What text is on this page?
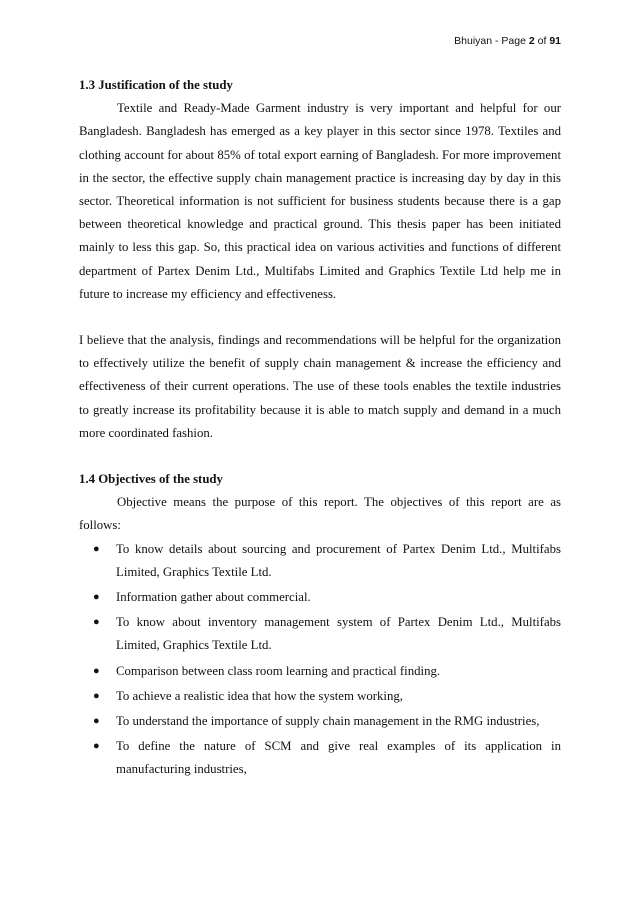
Bhuiyan - Page 2 of 91
1.3 Justification of the study

Textile and Ready-Made Garment industry is very important and helpful for our Bangladesh. Bangladesh has emerged as a key player in this sector since 1978. Textiles and clothing account for about 85% of total export earning of Bangladesh. For more improvement in the sector, the effective supply chain management practice is increasing day by day in this sector. Theoretical information is not sufficient for business students because there is a gap between theoretical knowledge and practical ground. This thesis paper has been initiated mainly to less this gap. So, this practical idea on various activities and functions of different department of Partex Denim Ltd., Multifabs Limited and Graphics Textile Ltd help me in future to increase my efficiency and effectiveness.

I believe that the analysis, findings and recommendations will be helpful for the organization to effectively utilize the benefit of supply chain management & increase the efficiency and effectiveness of their current operations. The use of these tools enables the textile industries to greatly increase its profitability because it is able to match supply and demand in a much more coordinated fashion.

1.4 Objectives of the study

Objective means the purpose of this report. The objectives of this report are as follows:

● To know details about sourcing and procurement of Partex Denim Ltd., Multifabs Limited, Graphics Textile Ltd.
● Information gather about commercial.
● To know about inventory management system of Partex Denim Ltd., Multifabs Limited, Graphics Textile Ltd.
● Comparison between class room learning and practical finding.
● To achieve a realistic idea that how the system working,
● To understand the importance of supply chain management in the RMG industries,
● To define the nature of SCM and give real examples of its application in manufacturing industries,
